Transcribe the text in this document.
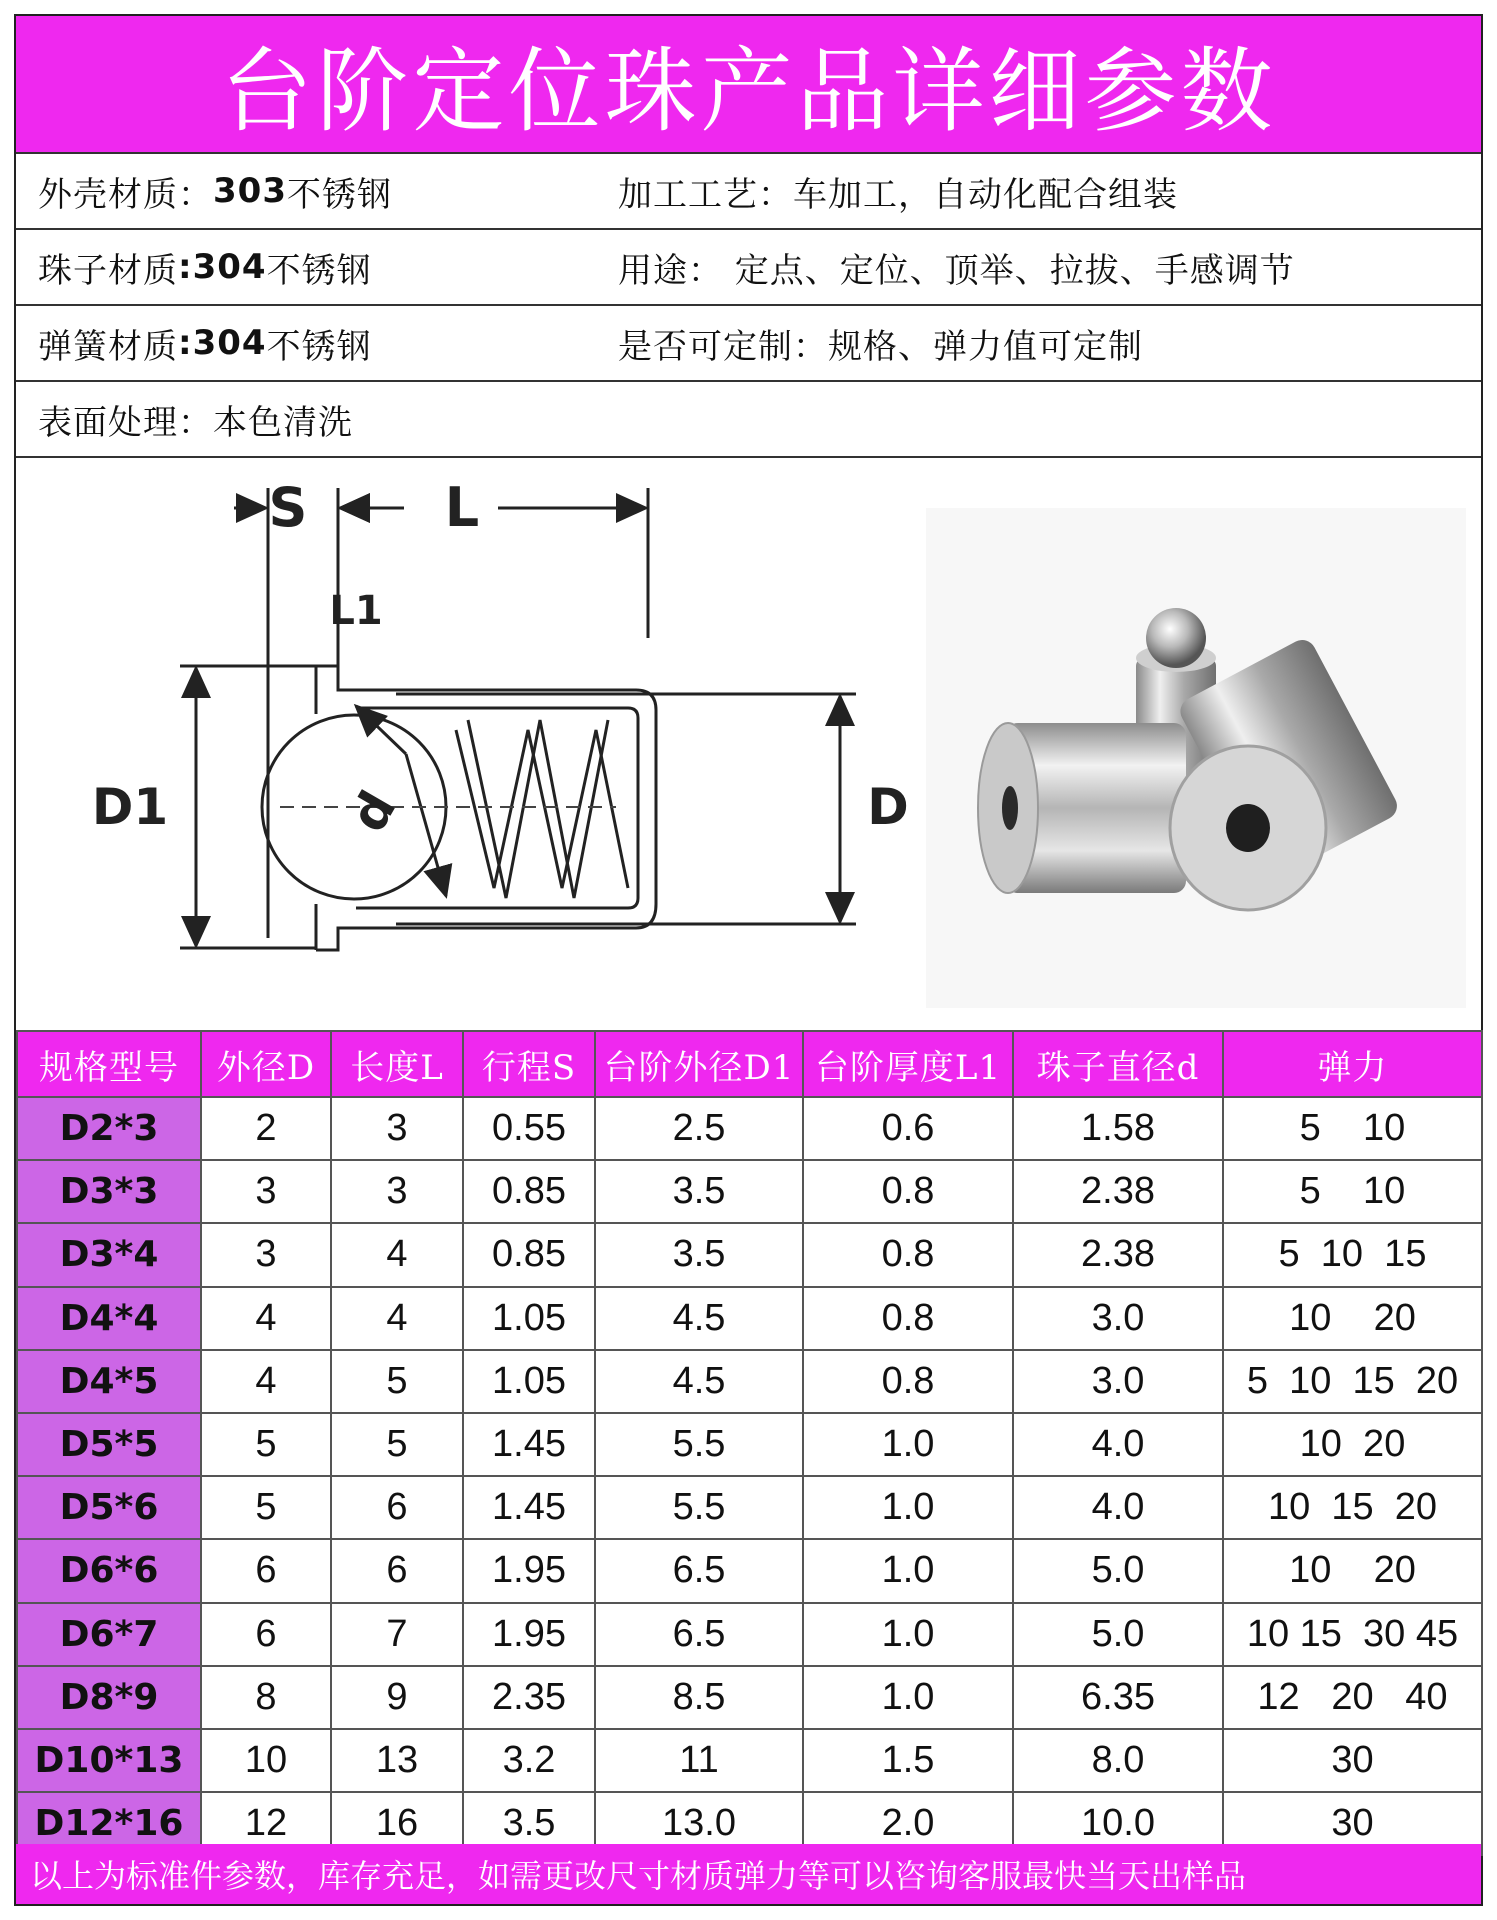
台阶定位珠产品详细参数
外壳材质： 303 不锈钢	加工工艺：车加工，自动化配合组装
珠子材质 :304 不锈钢	用途： 定点、定位、顶举、拉拔、手感调节
弹簧材质 :304 不锈钢	是否可定制：规格、弹力值可定制
表面处理：本色清洗
S	L
L1
D1	D
d
规格型号	外径D	长度L	行程S	台阶外径D1	台阶厚度L1	珠子直径d	弹力
D2*3	2	3	0.55	2.5	0.6	1.58	5    10
D3*3	3	3	0.85	3.5	0.8	2.38	5    10
D3*4	3	4	0.85	3.5	0.8	2.38	5  10  15
D4*4	4	4	1.05	4.5	0.8	3.0	10    20
D4*5	4	5	1.05	4.5	0.8	3.0	5  10  15  20
D5*5	5	5	1.45	5.5	1.0	4.0	10  20
D5*6	5	6	1.45	5.5	1.0	4.0	10  15  20
D6*6	6	6	1.95	6.5	1.0	5.0	10    20
D6*7	6	7	1.95	6.5	1.0	5.0	10 15  30 45
D8*9	8	9	2.35	8.5	1.0	6.35	12   20   40
D10*13	10	13	3.2	11	1.5	8.0	30
D12*16	12	16	3.5	13.0	2.0	10.0	30
以上为标准件参数，库存充足，如需更改尺寸材质弹力等可以咨询客服最快当天出样品
